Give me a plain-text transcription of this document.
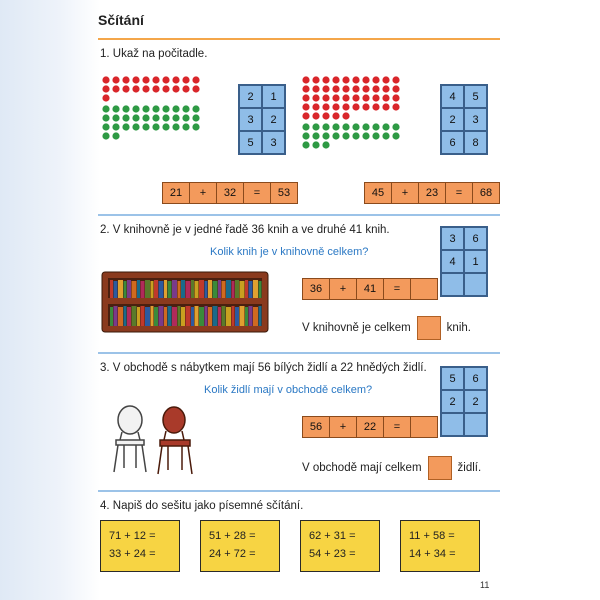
Sčítání
1. Ukaž na počitadle.
2	1
3	2
5	3
4	5
2	3
6	8
21	+	32	=	53	45	+	23	=	68
2. V knihovně je v jedné řadě 36 knih a ve druhé 41 knih.
Kolik knih je v knihovně celkem?
3	6
4	1
36	+	41	=
V knihovně je celkem	knih.
3. V obchodě s nábytkem mají 56 bílých židlí a 22 hnědých židlí.
Kolik židlí mají v obchodě celkem?
5	6
2	2
56	+	22	=
V obchodě mají celkem	židlí.
4. Napiš do sešitu jako písemné sčítání.
71 + 12 =
33 + 24 =
51 + 28 =
24 + 72 =
62 + 31 =
54 + 23 =
11 + 58 =
14 + 34 =
11
